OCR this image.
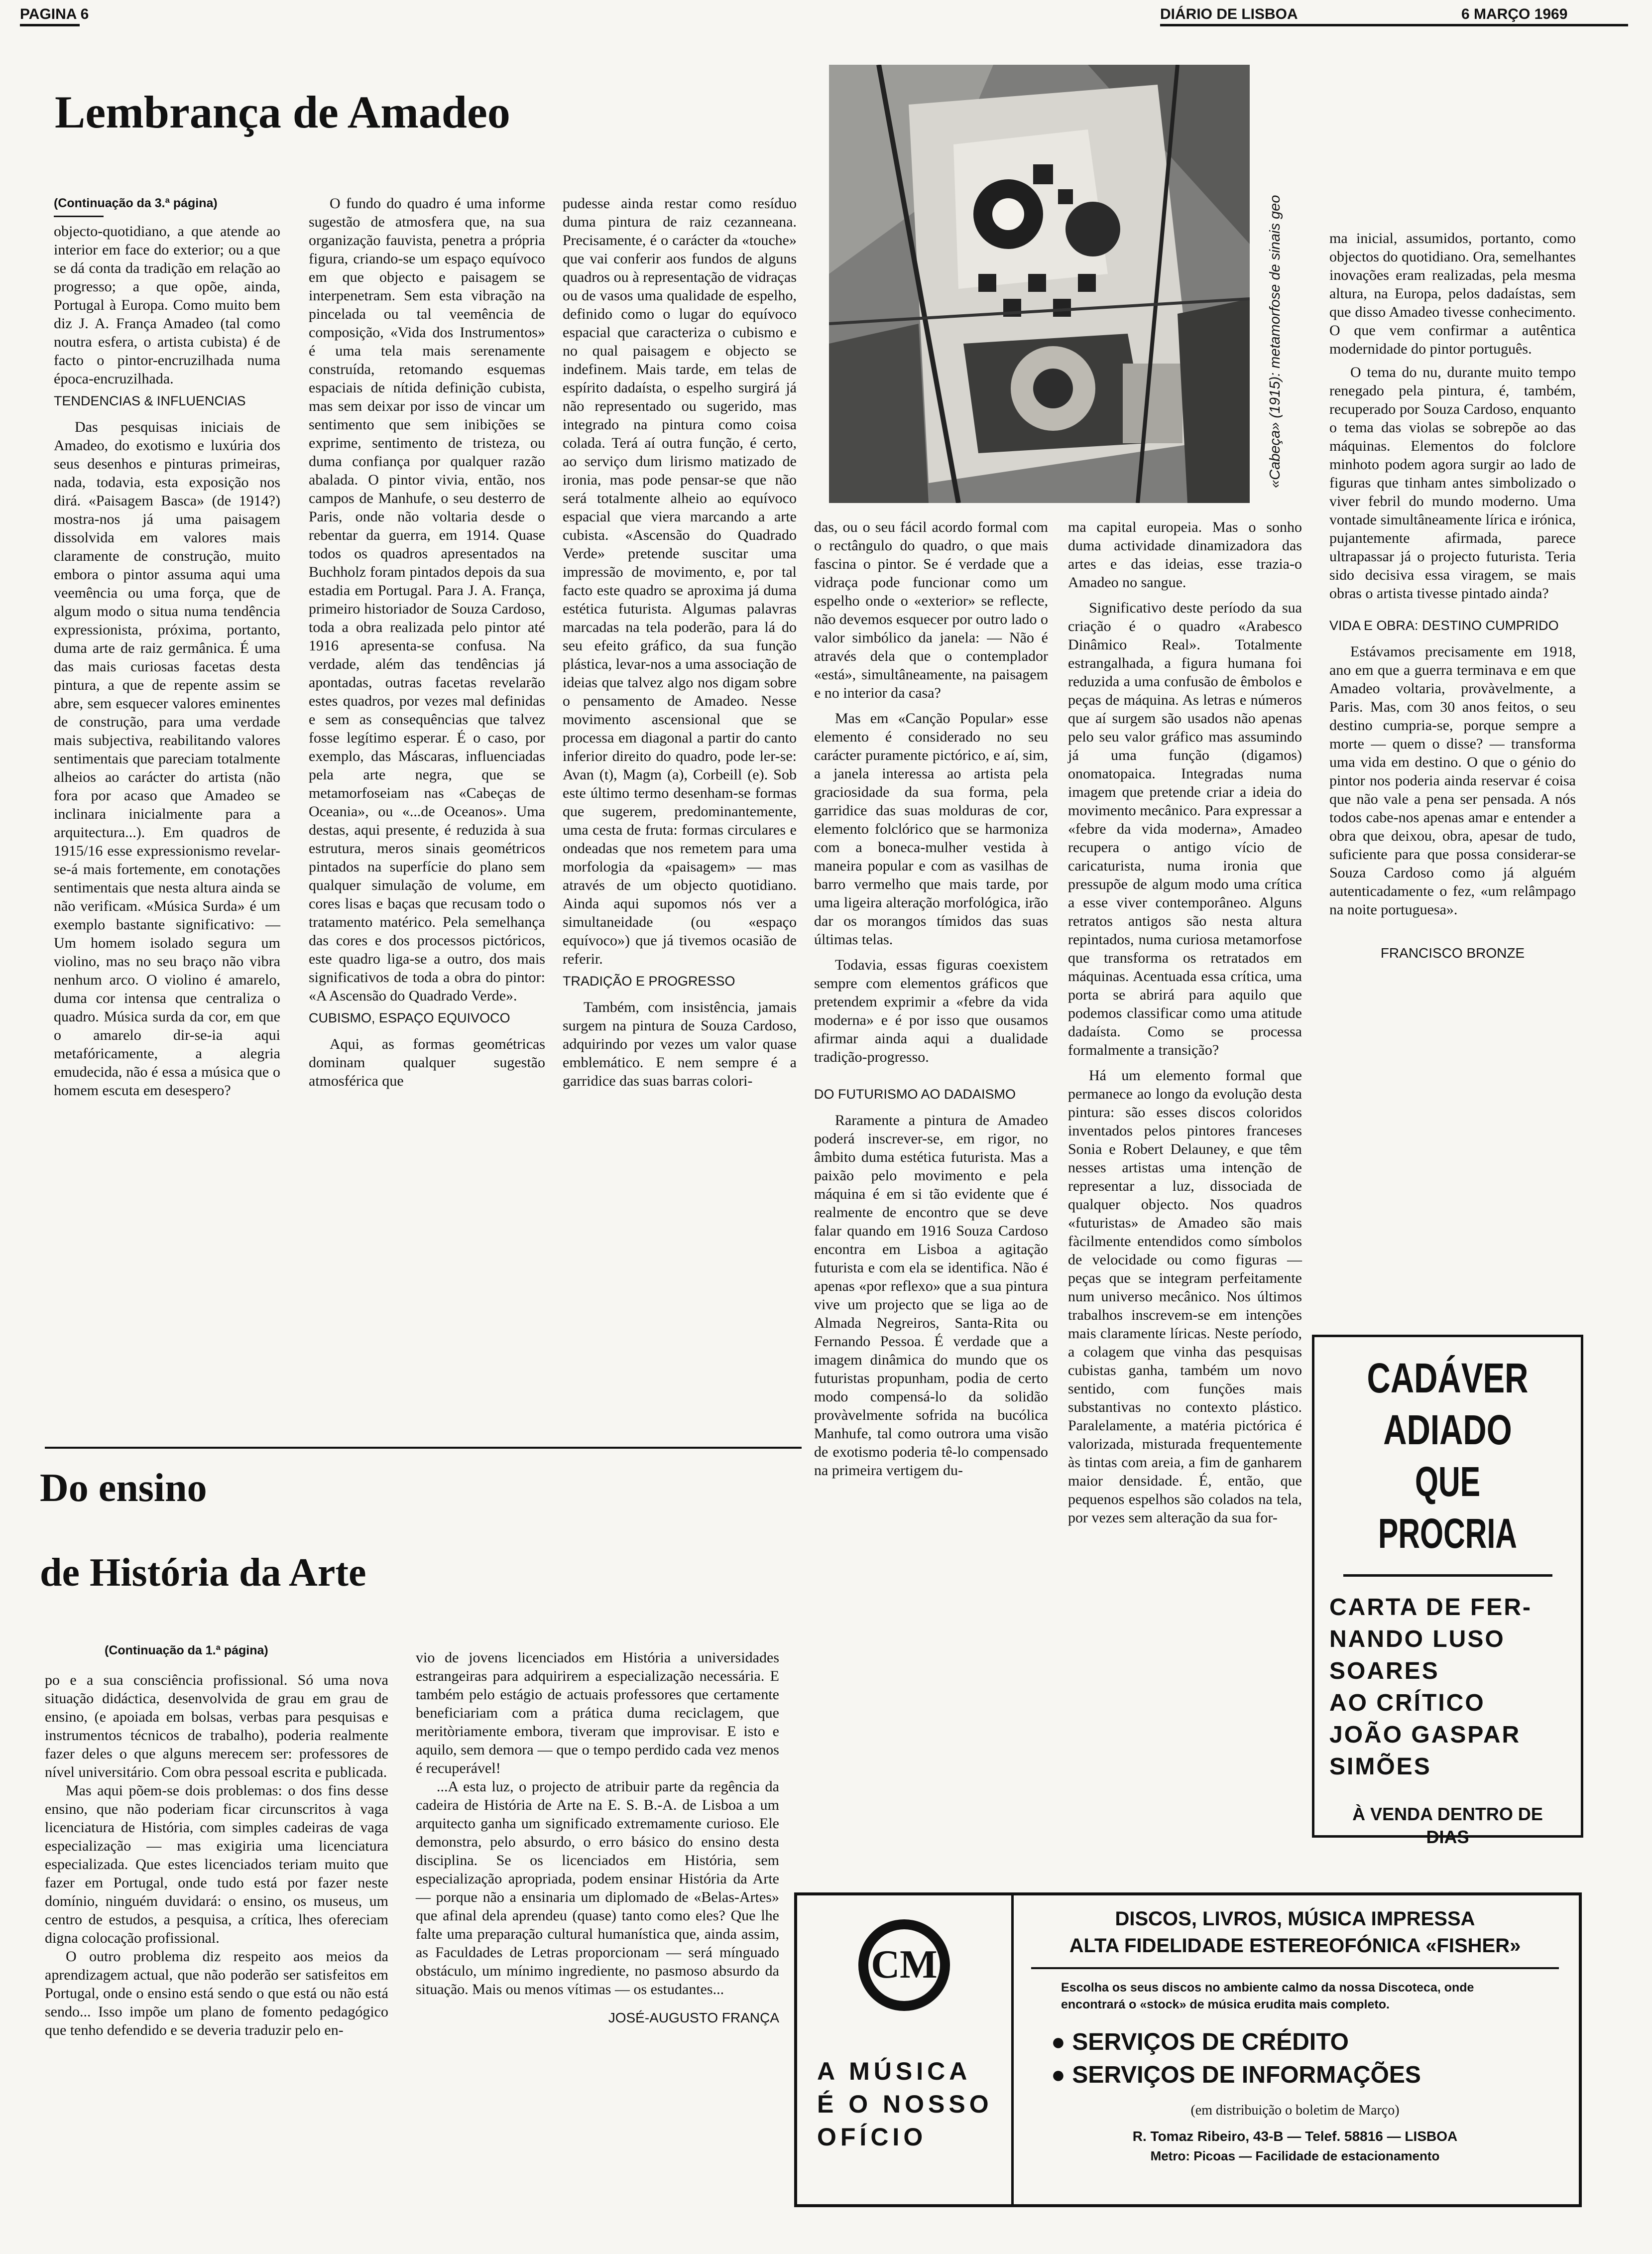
PAGINA 6	DIÁRIO DE LISBOA	6 MARÇO 1969
Lembrança de Amadeo
«Cabeça» (1915): metamorfose de sinais geo

(Continuação da 3.ª página)

objecto-quotidiano, a que atende ao interior em face do exterior; ou a que se dá conta da tradição em relação ao progresso; a que opõe, ainda, Portugal à Europa. Como muito bem diz J. A. França Amadeo (tal como noutra esfera, o artista cubista) é de facto o pintor-encruzilhada numa época-encruzilhada.

TENDENCIAS & INFLUENCIAS

Das pesquisas iniciais de Amadeo, do exotismo e luxúria dos seus desenhos e pinturas primeiras, nada, todavia, esta exposição nos dirá. «Paisagem Basca» (de 1914?) mostra-nos já uma paisagem dissolvida em valores mais claramente de construção, muito embora o pintor assuma aqui uma veemência ou uma força, que de algum modo o situa numa tendência expressionista, próxima, portanto, duma arte de raiz germânica. É uma das mais curiosas facetas desta pintura, a que de repente assim se abre, sem esquecer valores eminentes de construção, para uma verdade mais subjectiva, reabilitando valores sentimentais que pareciam totalmente alheios ao carácter do artista (não fora por acaso que Amadeo se inclinara inicialmente para a arquitectura...). Em quadros de 1915/16 esse expressionismo revelar-se-á mais fortemente, em conotações sentimentais que nesta altura ainda se não verificam. «Música Surda» é um exemplo bastante significativo: — Um homem isolado segura um violino, mas no seu braço não vibra nenhum arco. O violino é amarelo, duma cor intensa que centraliza o quadro. Música surda da cor, em que o amarelo dir-se-ia aqui metafóricamente, a alegria emudecida, não é essa a música que o homem escuta em desespero?

O fundo do quadro é uma informe sugestão de atmosfera que, na sua organização fauvista, penetra a própria figura, criando-se um espaço equívoco em que objecto e paisagem se interpenetram. Sem esta vibração na pincelada ou tal veemência de composição, «Vida dos Instrumentos» é uma tela mais serenamente construída, retomando esquemas espaciais de nítida definição cubista, mas sem deixar por isso de vincar um sentimento que sem inibições se exprime, sentimento de tristeza, ou duma confiança por qualquer razão abalada. O pintor vivia, então, nos campos de Manhufe, o seu desterro de Paris, onde não voltaria desde o rebentar da guerra, em 1914. Quase todos os quadros apresentados na Buchholz foram pintados depois da sua estadia em Portugal. Para J. A. França, primeiro historiador de Souza Cardoso, toda a obra realizada pelo pintor até 1916 apresenta-se confusa. Na verdade, além das tendências já apontadas, outras facetas revelarão estes quadros, por vezes mal definidas e sem as consequências que talvez fosse legítimo esperar. É o caso, por exemplo, das Máscaras, influenciadas pela arte negra, que se metamorfoseiam nas «Cabeças de Oceania», ou «...de Oceanos». Uma destas, aqui presente, é reduzida à sua estrutura, meros sinais geométricos pintados na superfície do plano sem qualquer simulação de volume, em cores lisas e baças que recusam todo o tratamento matérico. Pela semelhança das cores e dos processos pictóricos, este quadro liga-se a outro, dos mais significativos de toda a obra do pintor: «A Ascensão do Quadrado Verde».

CUBISMO, ESPAÇO EQUIVOCO

Aqui, as formas geométricas dominam qualquer sugestão atmosférica que

pudesse ainda restar como resíduo duma pintura de raiz cezanneana. Precisamente, é o carácter da «touche» que vai conferir aos fundos de alguns quadros ou à representação de vidraças ou de vasos uma qualidade de espelho, definido como o lugar do equívoco espacial que caracteriza o cubismo e no qual paisagem e objecto se indefinem. Mais tarde, em telas de espírito dadaísta, o espelho surgirá já não representado ou sugerido, mas integrado na pintura como coisa colada. Terá aí outra função, é certo, ao serviço dum lirismo matizado de ironia, mas pode pensar-se que não será totalmente alheio ao equívoco espacial que viera marcando a arte cubista. «Ascensão do Quadrado Verde» pretende suscitar uma impressão de movimento, e, por tal facto este quadro se aproxima já duma estética futurista. Algumas palavras marcadas na tela poderão, para lá do seu efeito gráfico, da sua função plástica, levar-nos a uma associação de ideias que talvez algo nos digam sobre o pensamento de Amadeo. Nesse movimento ascensional que se processa em diagonal a partir do canto inferior direito do quadro, pode ler-se: Avan (t), Magm (a), Corbeill (e). Sob este último termo desenham-se formas que sugerem, predominantemente, uma cesta de fruta: formas circulares e ondeadas que nos remetem para uma morfologia da «paisagem» — mas através de um objecto quotidiano. Ainda aqui supomos nós ver a simultaneidade (ou «espaço equívoco») que já tivemos ocasião de referir.

TRADIÇÃO E PROGRESSO

Também, com insistência, jamais surgem na pintura de Souza Cardoso, adquirindo por vezes um valor quase emblemático. E nem sempre é a garridice das suas barras colori-

das, ou o seu fácil acordo formal com o rectângulo do quadro, o que mais fascina o pintor. Se é verdade que a vidraça pode funcionar como um espelho onde o «exterior» se reflecte, não devemos esquecer por outro lado o valor simbólico da janela: — Não é através dela que o contemplador «está», simultâneamente, na paisagem e no interior da casa?

Mas em «Canção Popular» esse elemento é considerado no seu carácter puramente pictórico, e aí, sim, a janela interessa ao artista pela graciosidade da sua forma, pela garridice das suas molduras de cor, elemento folclórico que se harmoniza com a boneca-mulher vestida à maneira popular e com as vasilhas de barro vermelho que mais tarde, por uma ligeira alteração morfológica, irão dar os morangos tímidos das suas últimas telas.

Todavia, essas figuras coexistem sempre com elementos gráficos que pretendem exprimir a «febre da vida moderna» e é por isso que ousamos afirmar ainda aqui a dualidade tradição-progresso.

DO FUTURISMO AO DADAISMO

Raramente a pintura de Amadeo poderá inscrever-se, em rigor, no âmbito duma estética futurista. Mas a paixão pelo movimento e pela máquina é em si tão evidente que é realmente de encontro que se deve falar quando em 1916 Souza Cardoso encontra em Lisboa a agitação futurista e com ela se identifica. Não é apenas «por reflexo» que a sua pintura vive um projecto que se liga ao de Almada Negreiros, Santa-Rita ou Fernando Pessoa. É verdade que a imagem dinâmica do mundo que os futuristas propunham, podia de certo modo compensá-lo da solidão provàvelmente sofrida na bucólica Manhufe, tal como outrora uma visão de exotismo poderia tê-lo compensado na primeira vertigem du-

ma capital europeia. Mas o sonho duma actividade dinamizadora das artes e das ideias, esse trazia-o Amadeo no sangue.

Significativo deste período da sua criação é o quadro «Arabesco Dinâmico Real». Totalmente estrangalhada, a figura humana foi reduzida a uma confusão de êmbolos e peças de máquina. As letras e números que aí surgem são usados não apenas pelo seu valor gráfico mas assumindo já uma função (digamos) onomatopaica. Integradas numa imagem que pretende criar a ideia do movimento mecânico. Para expressar a «febre da vida moderna», Amadeo recupera o antigo vício de caricaturista, numa ironia que pressupõe de algum modo uma crítica a esse viver contemporâneo. Alguns retratos antigos são nesta altura repintados, numa curiosa metamorfose que transforma os retratados em máquinas. Acentuada essa crítica, uma porta se abrirá para aquilo que podemos classificar como uma atitude dadaísta. Como se processa formalmente a transição?

Há um elemento formal que permanece ao longo da evolução desta pintura: são esses discos coloridos inventados pelos pintores franceses Sonia e Robert Delauney, e que têm nesses artistas uma intenção de representar a luz, dissociada de qualquer objecto. Nos quadros «futuristas» de Amadeo são mais fàcilmente entendidos como símbolos de velocidade ou como figuras — peças que se integram perfeitamente num universo mecânico. Nos últimos trabalhos inscrevem-se em intenções mais claramente líricas. Neste período, a colagem que vinha das pesquisas cubistas ganha, também um novo sentido, com funções mais substantivas no contexto plástico. Paralelamente, a matéria pictórica é valorizada, misturada frequentemente às tintas com areia, a fim de ganharem maior densidade. É, então, que pequenos espelhos são colados na tela, por vezes sem alteração da sua for-

ma inicial, assumidos, portanto, como objectos do quotidiano. Ora, semelhantes inovações eram realizadas, pela mesma altura, na Europa, pelos dadaístas, sem que disso Amadeo tivesse conhecimento. O que vem confirmar a autêntica modernidade do pintor português.

O tema do nu, durante muito tempo renegado pela pintura, é, também, recuperado por Souza Cardoso, enquanto o tema das violas se sobrepõe ao das máquinas. Elementos do folclore minhoto podem agora surgir ao lado de figuras que tinham antes simbolizado o viver febril do mundo moderno. Uma vontade simultâneamente lírica e irónica, pujantemente afirmada, parece ultrapassar já o projecto futurista. Teria sido decisiva essa viragem, se mais obras o artista tivesse pintado ainda?

VIDA E OBRA: DESTINO CUMPRIDO

Estávamos precisamente em 1918, ano em que a guerra terminava e em que Amadeo voltaria, provàvelmente, a Paris. Mas, com 30 anos feitos, o seu destino cumpria-se, porque sempre a morte — quem o disse? — transforma uma vida em destino. O que o génio do pintor nos poderia ainda reservar é coisa que não vale a pena ser pensada. A nós todos cabe-nos apenas amar e entender a obra que deixou, obra, apesar de tudo, suficiente para que possa considerar-se Souza Cardoso como já alguém autenticadamente o fez, «um relâmpago na noite portuguesa».

FRANCISCO BRONZE
Do ensino
de História da Arte
(Continuação da 1.ª página)

po e a sua consciência profissional. Só uma nova situação didáctica, desenvolvida de grau em grau de ensino, (e apoiada em bolsas, verbas para pesquisas e instrumentos técnicos de trabalho), poderia realmente fazer deles o que alguns merecem ser: professores de nível universitário. Com obra pessoal escrita e publicada.

Mas aqui põem-se dois problemas: o dos fins desse ensino, que não poderiam ficar circunscritos à vaga licenciatura de História, com simples cadeiras de vaga especialização — mas exigiria uma licenciatura especializada. Que estes licenciados teriam muito que fazer em Portugal, onde tudo está por fazer neste domínio, ninguém duvidará: o ensino, os museus, um centro de estudos, a pesquisa, a crítica, lhes ofereciam digna colocação profissional.

O outro problema diz respeito aos meios da aprendizagem actual, que não poderão ser satisfeitos em Portugal, onde o ensino está sendo o que está ou não está sendo... Isso impõe um plano de fomento pedagógico que tenho defendido e se deveria traduzir pelo en-

vio de jovens licenciados em História a universidades estrangeiras para adquirirem a especialização necessária. E também pelo estágio de actuais professores que certamente beneficiariam com a prática duma reciclagem, que meritòriamente embora, tiveram que improvisar. E isto e aquilo, sem demora — que o tempo perdido cada vez menos é recuperável!

...A esta luz, o projecto de atribuir parte da regência da cadeira de História de Arte na E. S. B.-A. de Lisboa a um arquitecto ganha um significado extremamente curioso. Ele demonstra, pelo absurdo, o erro básico do ensino desta disciplina. Se os licenciados em História, sem especialização apropriada, podem ensinar História da Arte — porque não a ensinaria um diplomado de «Belas-Artes» que afinal dela aprendeu (quase) tanto como eles? Que lhe falte uma preparação cultural humanística que, ainda assim, as Faculdades de Letras proporcionam — será mínguado obstáculo, um mínimo ingrediente, no pasmoso absurdo da situação. Mais ou menos vítimas — os estudantes...

JOSÉ-AUGUSTO FRANÇA
CADÁVER
ADIADO
QUE PROCRIA
CARTA DE FER-
NANDO LUSO
SOARES
AO CRÍTICO
JOÃO GASPAR
SIMÕES
À VENDA DENTRO DE DIAS
CM
A MÚSICA É O NOSSO OFÍCIO
DISCOS, LIVROS, MÚSICA IMPRESSA
ALTA FIDELIDADE ESTEREOFÓNICA «FISHER»
Escolha os seus discos no ambiente calmo da nossa Discoteca, onde encontrará o «stock» de música erudita mais completo.
● SERVIÇOS DE CRÉDITO
● SERVIÇOS DE INFORMAÇÕES
(em distribuição o boletim de Março)
R. Tomaz Ribeiro, 43-B — Telef. 58816 — LISBOA
Metro: Picoas — Facilidade de estacionamento
